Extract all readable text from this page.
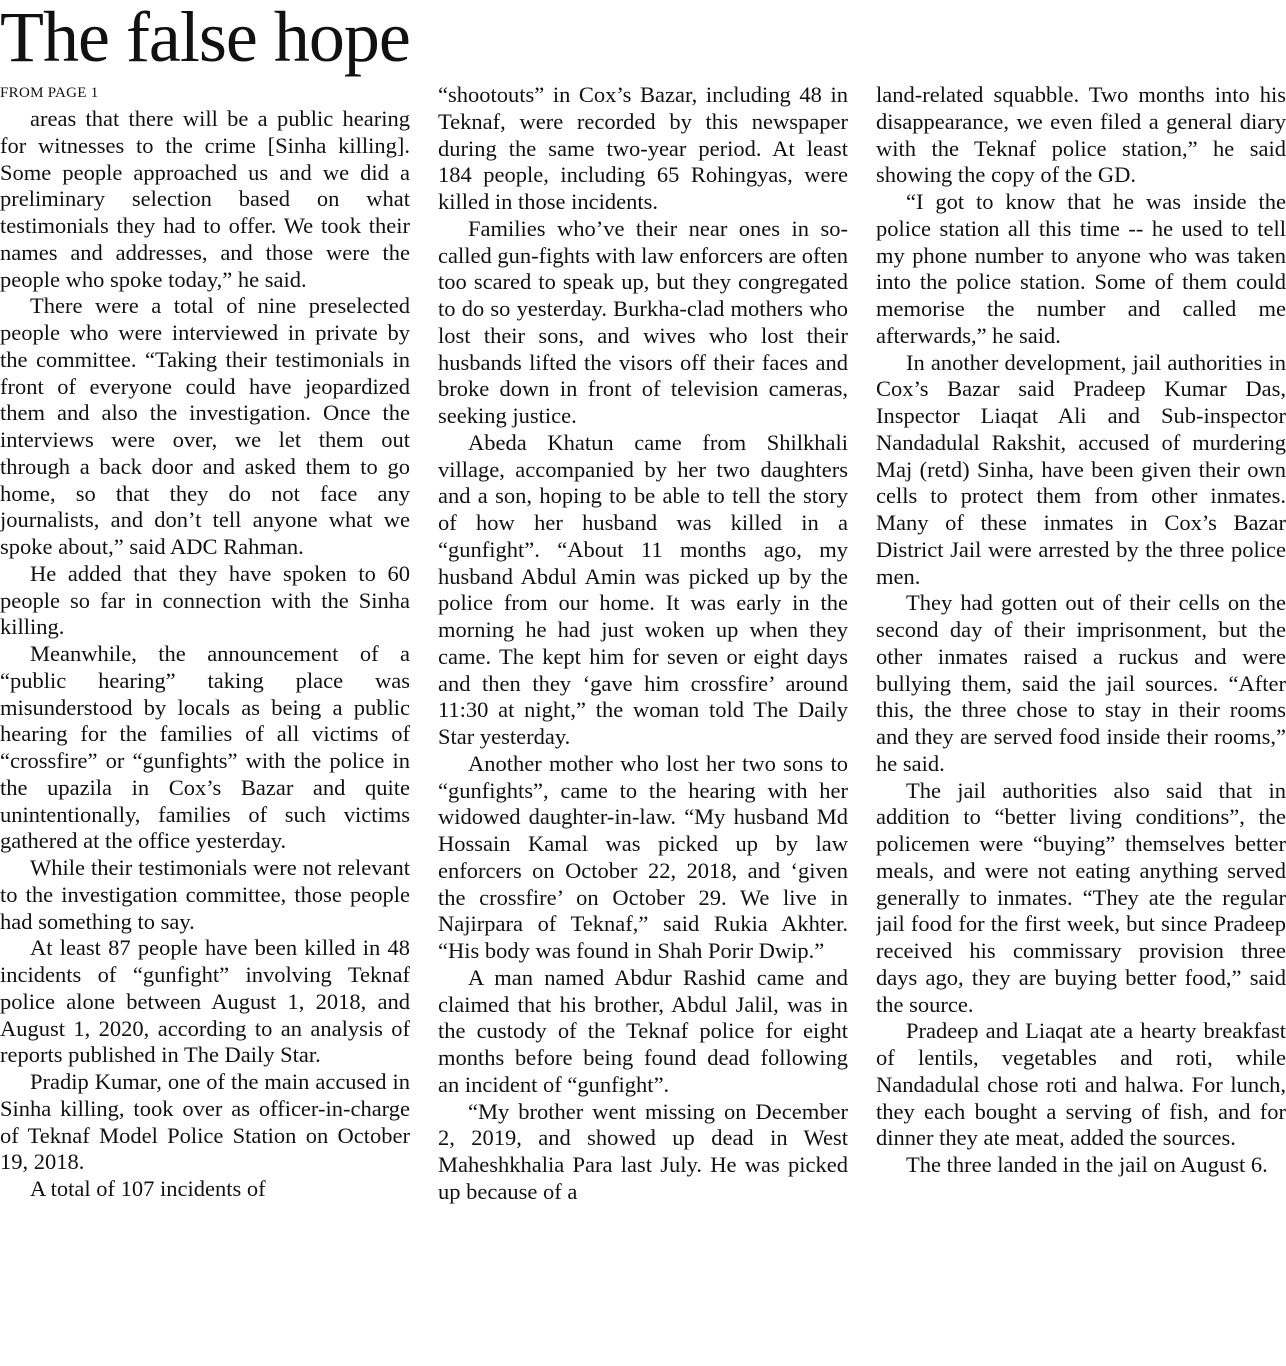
The false hope
FROM PAGE 1

areas that there will be a public hearing for witnesses to the crime [Sinha killing]. Some people approached us and we did a preliminary selection based on what testimonials they had to offer. We took their names and addresses, and those were the people who spoke today,” he said.

There were a total of nine preselected people who were interviewed in private by the committee. “Taking their testimonials in front of everyone could have jeopardized them and also the investigation. Once the interviews were over, we let them out through a back door and asked them to go home, so that they do not face any journalists, and don’t tell anyone what we spoke about,” said ADC Rahman.

He added that they have spoken to 60 people so far in connection with the Sinha killing.

Meanwhile, the announcement of a “public hearing” taking place was misunderstood by locals as being a public hearing for the families of all victims of “crossfire” or “gunfights” with the police in the upazila in Cox’s Bazar and quite unintentionally, families of such victims gathered at the office yesterday.

While their testimonials were not relevant to the investigation committee, those people had something to say.

At least 87 people have been killed in 48 incidents of “gunfight” involving Teknaf police alone between August 1, 2018, and August 1, 2020, according to an analysis of reports published in The Daily Star.

Pradip Kumar, one of the main accused in Sinha killing, took over as officer-in-charge of Teknaf Model Police Station on October 19, 2018.

A total of 107 incidents of

“shootouts” in Cox’s Bazar, including 48 in Teknaf, were recorded by this newspaper during the same two-year period. At least 184 people, including 65 Rohingyas, were killed in those incidents.

Families who’ve their near ones in so-called gun-fights with law enforcers are often too scared to speak up, but they congregated to do so yesterday. Burkha-clad mothers who lost their sons, and wives who lost their husbands lifted the visors off their faces and broke down in front of television cameras, seeking justice.

Abeda Khatun came from Shilkhali village, accompanied by her two daughters and a son, hoping to be able to tell the story of how her husband was killed in a “gunfight”. “About 11 months ago, my husband Abdul Amin was picked up by the police from our home. It was early in the morning he had just woken up when they came. The kept him for seven or eight days and then they ‘gave him crossfire’ around 11:30 at night,” the woman told The Daily Star yesterday.

Another mother who lost her two sons to “gunfights”, came to the hearing with her widowed daughter-in-law. “My husband Md Hossain Kamal was picked up by law enforcers on October 22, 2018, and ‘given the crossfire’ on October 29. We live in Najirpara of Teknaf,” said Rukia Akhter. “His body was found in Shah Porir Dwip.”

A man named Abdur Rashid came and claimed that his brother, Abdul Jalil, was in the custody of the Teknaf police for eight months before being found dead following an incident of “gunfight”.

“My brother went missing on December 2, 2019, and showed up dead in West Maheshkhalia Para last July. He was picked up because of a

land-related squabble. Two months into his disappearance, we even filed a general diary with the Teknaf police station,” he said showing the copy of the GD.

“I got to know that he was inside the police station all this time -- he used to tell my phone number to anyone who was taken into the police station. Some of them could memorise the number and called me afterwards,” he said.

In another development, jail authorities in Cox’s Bazar said Pradeep Kumar Das, Inspector Liaqat Ali and Sub-inspector Nandadulal Rakshit, accused of murdering Maj (retd) Sinha, have been given their own cells to protect them from other inmates. Many of these inmates in Cox’s Bazar District Jail were arrested by the three police men.

They had gotten out of their cells on the second day of their imprisonment, but the other inmates raised a ruckus and were bullying them, said the jail sources. “After this, the three chose to stay in their rooms and they are served food inside their rooms,” he said.

The jail authorities also said that in addition to “better living conditions”, the policemen were “buying” themselves better meals, and were not eating anything served generally to inmates. “They ate the regular jail food for the first week, but since Pradeep received his commissary provision three days ago, they are buying better food,” said the source.

Pradeep and Liaqat ate a hearty breakfast of lentils, vegetables and roti, while Nandadulal chose roti and halwa. For lunch, they each bought a serving of fish, and for dinner they ate meat, added the sources.

The three landed in the jail on August 6.
